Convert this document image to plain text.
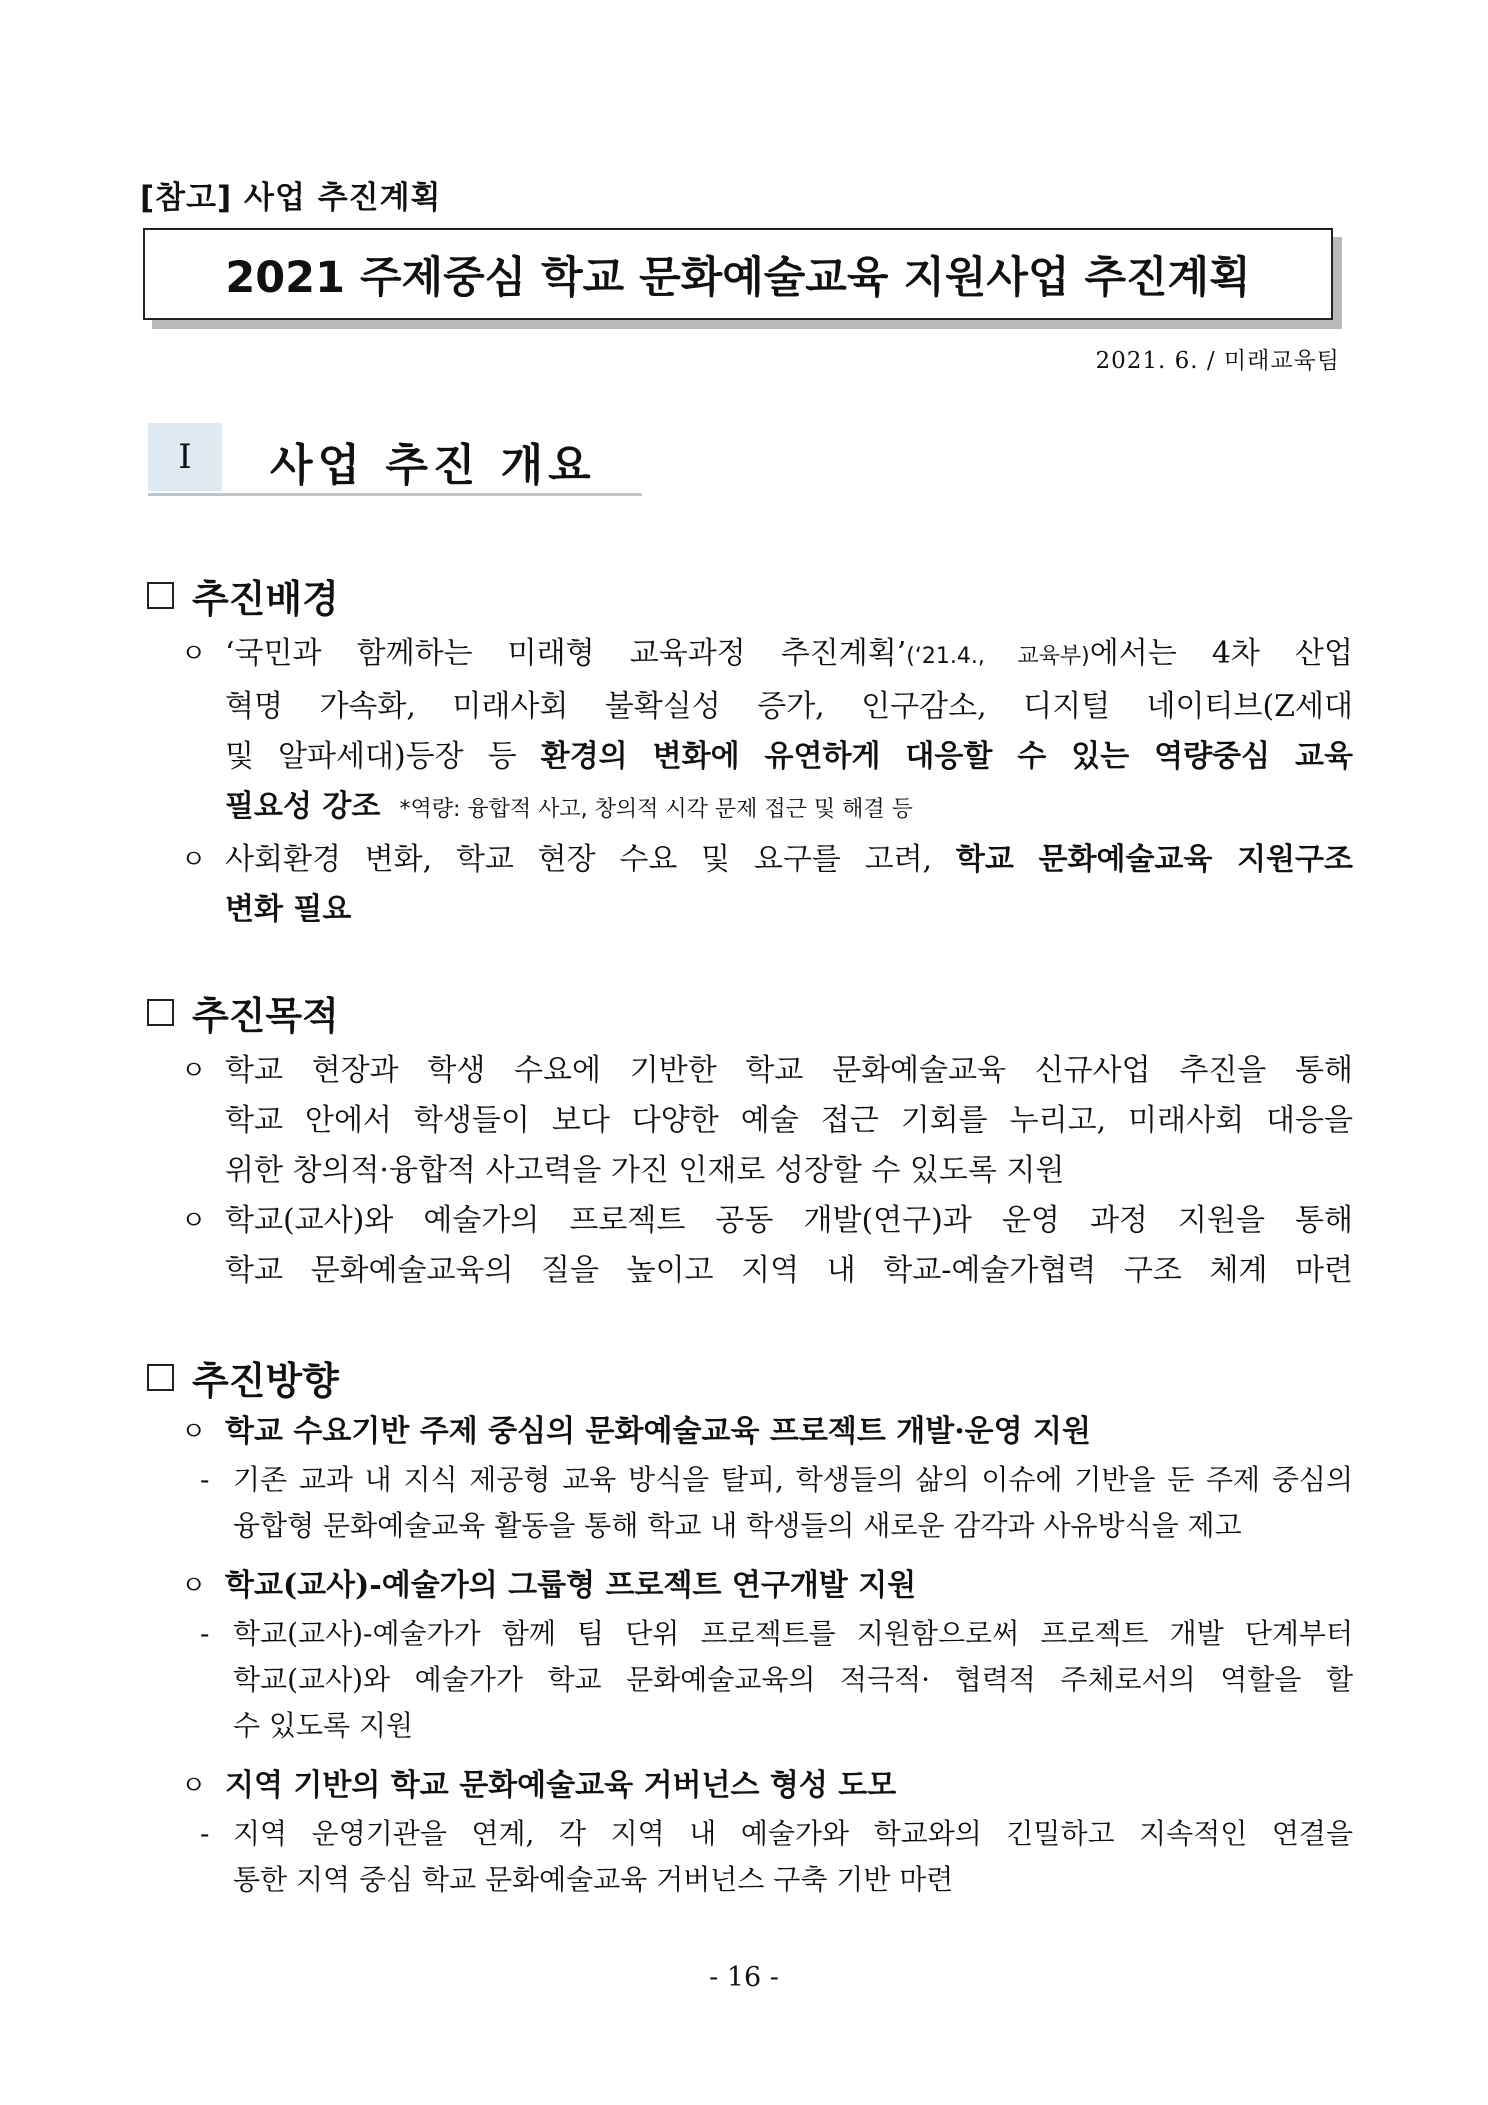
[참고] 사업 추진계획
2021 주제중심 학교 문화예술교육 지원사업 추진계획
2021. 6. / 미래교육팀
Ⅰ	사업 추진 개요
추진배경
ㅇ ‘국민과 함께하는 미래형 교육과정 추진계획’(‘21.4., 교육부)에서는 4차 산업
혁명 가속화, 미래사회 불확실성 증가, 인구감소, 디지털 네이티브(Z세대
및 알파세대)등장 등 환경의 변화에 유연하게 대응할 수 있는 역량중심 교육
필요성 강조 *역량: 융합적 사고, 창의적 시각 문제 접근 및 해결 등
ㅇ 사회환경 변화, 학교 현장 수요 및 요구를 고려, 학교 문화예술교육 지원구조
변화 필요
추진목적
ㅇ 학교 현장과 학생 수요에 기반한 학교 문화예술교육 신규사업 추진을 통해
학교 안에서 학생들이 보다 다양한 예술 접근 기회를 누리고, 미래사회 대응을
위한 창의적·융합적 사고력을 가진 인재로 성장할 수 있도록 지원
ㅇ 학교(교사)와 예술가의 프로젝트 공동 개발(연구)과 운영 과정 지원을 통해
학교 문화예술교육의 질을 높이고 지역 내 학교-예술가협력 구조 체계 마련
추진방향
ㅇ 학교 수요기반 주제 중심의 문화예술교육 프로젝트 개발·운영 지원
- 기존 교과 내 지식 제공형 교육 방식을 탈피, 학생들의 삶의 이슈에 기반을 둔 주제 중심의
융합형 문화예술교육 활동을 통해 학교 내 학생들의 새로운 감각과 사유방식을 제고
ㅇ 학교(교사)-예술가의 그룹형 프로젝트 연구개발 지원
- 학교(교사)-예술가가 함께 팀 단위 프로젝트를 지원함으로써 프로젝트 개발 단계부터
학교(교사)와 예술가가 학교 문화예술교육의 적극적· 협력적 주체로서의 역할을 할
수 있도록 지원
ㅇ 지역 기반의 학교 문화예술교육 거버넌스 형성 도모
- 지역 운영기관을 연계, 각 지역 내 예술가와 학교와의 긴밀하고 지속적인 연결을
통한 지역 중심 학교 문화예술교육 거버넌스 구축 기반 마련
- 16 -
